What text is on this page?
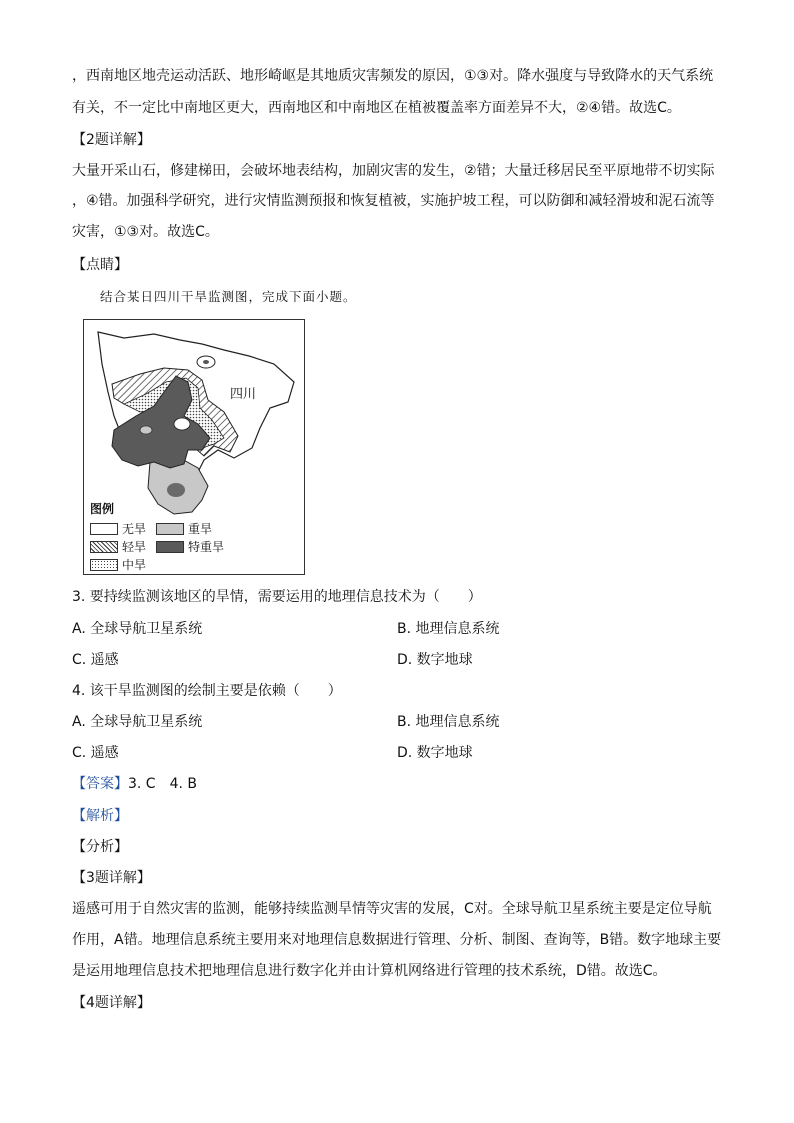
，西南地区地壳运动活跃、地形崎岖是其地质灾害频发的原因，①③对。降水强度与导致降水的天气系统
有关，不一定比中南地区更大，西南地区和中南地区在植被覆盖率方面差异不大，②④错。故选C。
【2题详解】
大量开采山石，修建梯田，会破坏地表结构，加剧灾害的发生，②错；大量迁移居民至平原地带不切实际
，④错。加强科学研究，进行灾情监测预报和恢复植被，实施护坡工程，可以防御和减轻滑坡和泥石流等
灾害，①③对。故选C。
【点睛】
结合某日四川干旱监测图，完成下面小题。
四川
图例
无旱	重旱
轻旱	特重旱
中旱
3. 要持续监测该地区的旱情，需要运用的地理信息技术为（　　）
A. 全球导航卫星系统	B. 地理信息系统
C. 遥感	D. 数字地球
4. 该干旱监测图的绘制主要是依赖（　　）
A. 全球导航卫星系统	B. 地理信息系统
C. 遥感	D. 数字地球
【答案】3. C　4. B
【解析】
【分析】
【3题详解】
遥感可用于自然灾害的监测，能够持续监测旱情等灾害的发展，C对。全球导航卫星系统主要是定位导航
作用，A错。地理信息系统主要用来对地理信息数据进行管理、分析、制图、查询等，B错。数字地球主要
是运用地理信息技术把地理信息进行数字化并由计算机网络进行管理的技术系统，D错。故选C。
【4题详解】
